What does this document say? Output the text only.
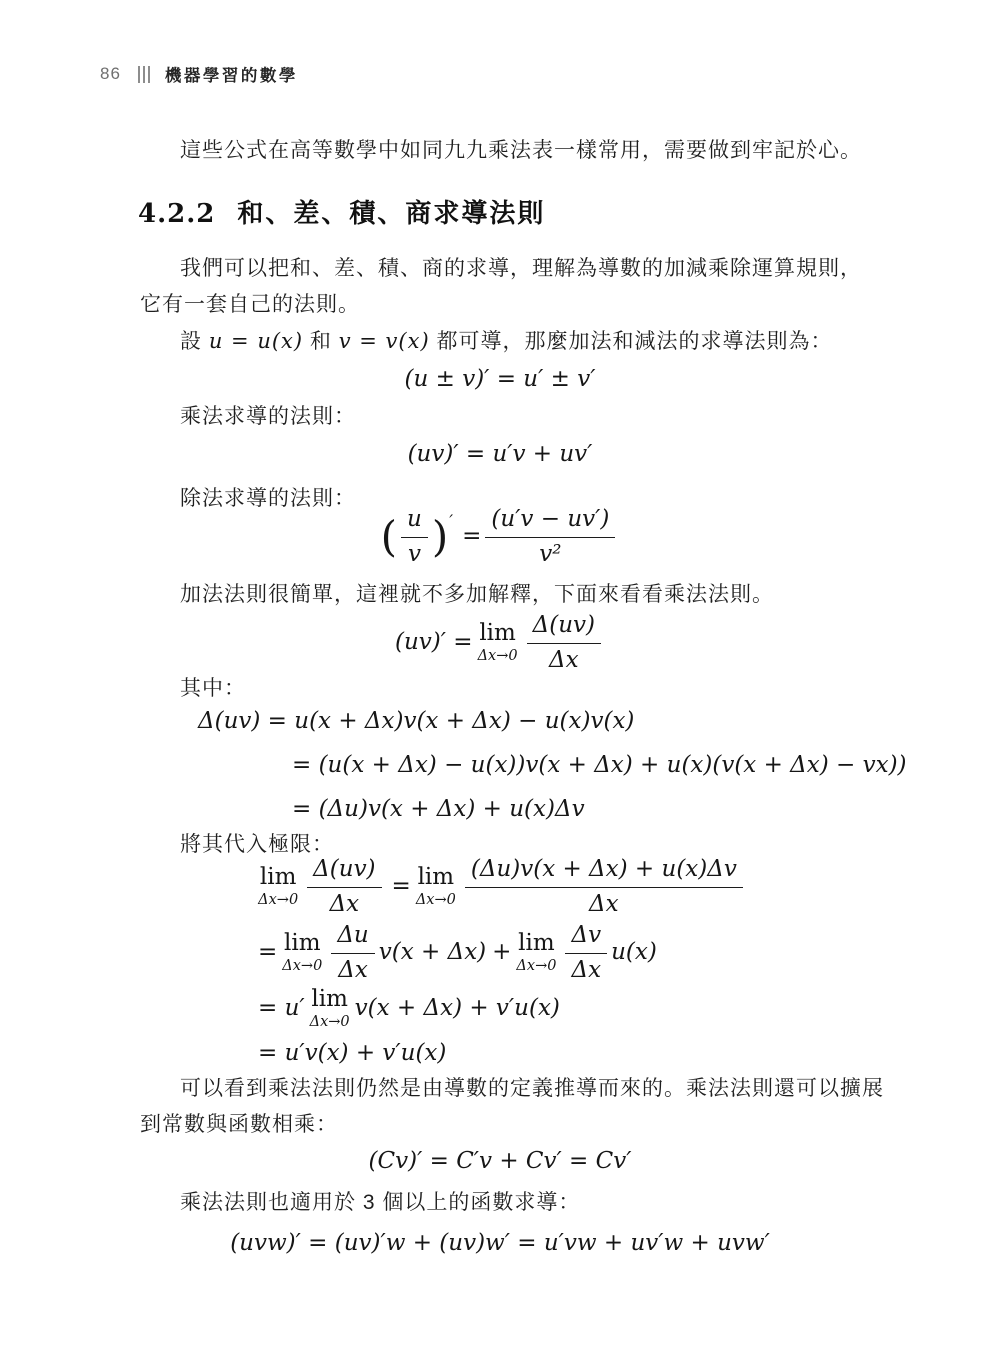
86	機器學習的數學

這些公式在高等數學中如同九九乘法表一樣常用，需要做到牢記於心。

4.2.2 和、差、積、商求導法則

我們可以把和、差、積、商的求導，理解為導數的加減乘除運算規則，

它有一套自己的法則。

設 u = u(x) 和 v = v(x) 都可導，那麼加法和減法的求導法則為：

(u ± v)′ = u′ ± v′

乘法求導的法則：

(uv)′ = u′v + uv′

除法求導的法則：

( $\frac{u}{v} )'= \frac{(u'v - uv')}{\text{v²}}$

加法法則很簡單，這裡就不多加解釋，下面來看看乘法法則。

(uv)′ = lim
$\Delta x\to 0 \frac{\Delta(uv)}{\Delta x}$

其中：

Δ(uv) = u(x + Δx)v(x + Δx) − u(x)v(x)
= (u(x + Δx) − u(x))v(x + Δx) + u(x)(v(x + Δx) − vx))
= (Δu)v(x + Δx) + u(x)Δv

將其代入極限：

lim
$\Delta x\to 0 \frac{\Delta(uv)}{\Delta x} = \lim$
$\Delta x\to 0 \frac{(\Delta u)v(x + \Delta x) + u(x)\Delta v}{\Delta x}$
= lim
$\Delta x\to 0 \frac{\Delta u}{\Delta x} v(x + \Delta x) + \lim$
$\Delta x\to 0 \frac{\Delta v}{\Delta x} u(x)$
= u′ lim
Δx→0
v(x + Δx) + v′u(x)
= u′v(x) + v′u(x)

可以看到乘法法則仍然是由導數的定義推導而來的。乘法法則還可以擴展

到常數與函數相乘：

(Cv)′ = C′v + Cv′ = Cv′

乘法法則也適用於 3 個以上的函數求導：

(uvw)′ = (uv)′w + (uv)w′ = u′vw + uv′w + uvw′
